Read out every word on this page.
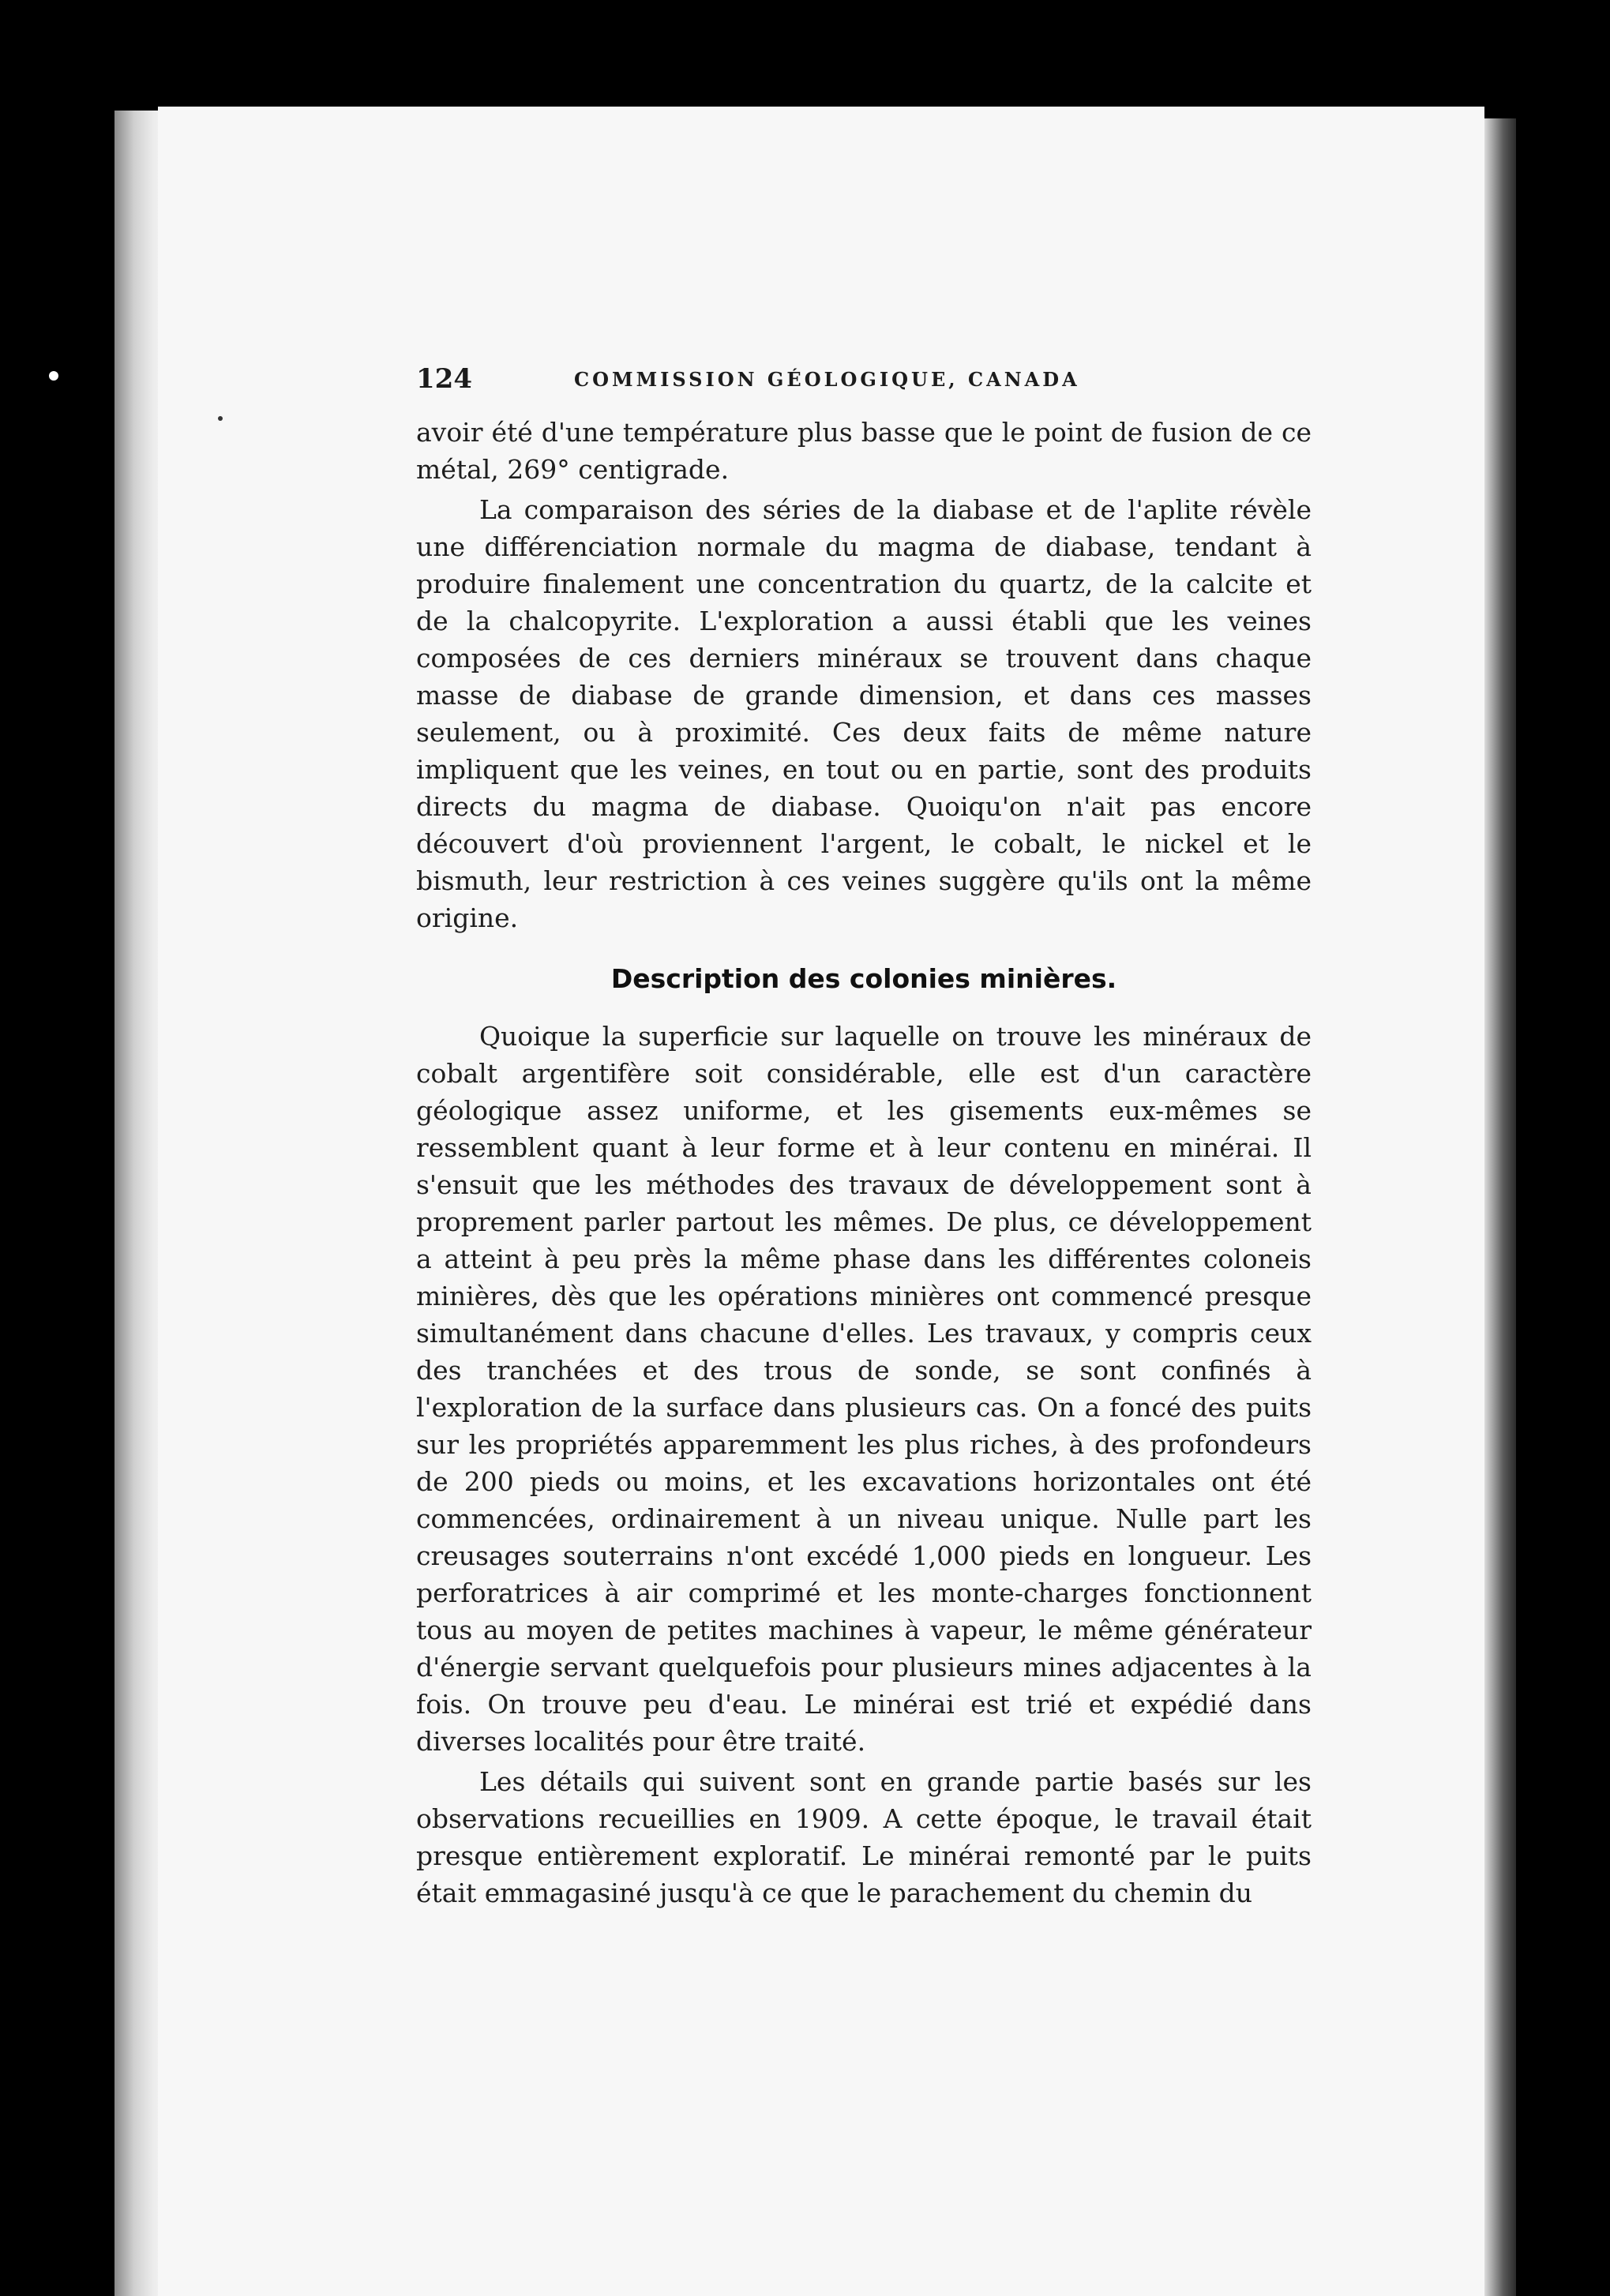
124	COMMISSION GÉOLOGIQUE, CANADA

avoir été d'une température plus basse que le point de fusion de ce métal, 269° centigrade.

La comparaison des séries de la diabase et de l'aplite révèle une différenciation normale du magma de diabase, tendant à produire finalement une concentration du quartz, de la calcite et de la chalcopyrite. L'exploration a aussi établi que les veines composées de ces derniers minéraux se trouvent dans chaque masse de diabase de grande dimension, et dans ces masses seulement, ou à proximité. Ces deux faits de même nature impliquent que les veines, en tout ou en partie, sont des produits directs du magma de diabase. Quoiqu'on n'ait pas encore découvert d'où proviennent l'argent, le cobalt, le nickel et le bismuth, leur restriction à ces veines suggère qu'ils ont la même origine.

Description des colonies minières.

Quoique la superficie sur laquelle on trouve les minéraux de cobalt argentifère soit considérable, elle est d'un caractère géologique assez uniforme, et les gisements eux-mêmes se ressemblent quant à leur forme et à leur contenu en minérai. Il s'ensuit que les méthodes des travaux de développement sont à proprement parler partout les mêmes. De plus, ce développement a atteint à peu près la même phase dans les différentes coloneis minières, dès que les opérations minières ont commencé presque simultanément dans chacune d'elles. Les travaux, y compris ceux des tranchées et des trous de sonde, se sont confinés à l'exploration de la surface dans plusieurs cas. On a foncé des puits sur les propriétés apparemment les plus riches, à des profondeurs de 200 pieds ou moins, et les excavations horizontales ont été commencées, ordinairement à un niveau unique. Nulle part les creusages souterrains n'ont excédé 1,000 pieds en longueur. Les perforatrices à air comprimé et les monte-charges fonctionnent tous au moyen de petites machines à vapeur, le même générateur d'énergie servant quelquefois pour plusieurs mines adjacentes à la fois. On trouve peu d'eau. Le minérai est trié et expédié dans diverses localités pour être traité.

Les détails qui suivent sont en grande partie basés sur les observations recueillies en 1909. A cette époque, le travail était presque entièrement exploratif. Le minérai remonté par le puits était emmagasiné jusqu'à ce que le parachement du chemin du
